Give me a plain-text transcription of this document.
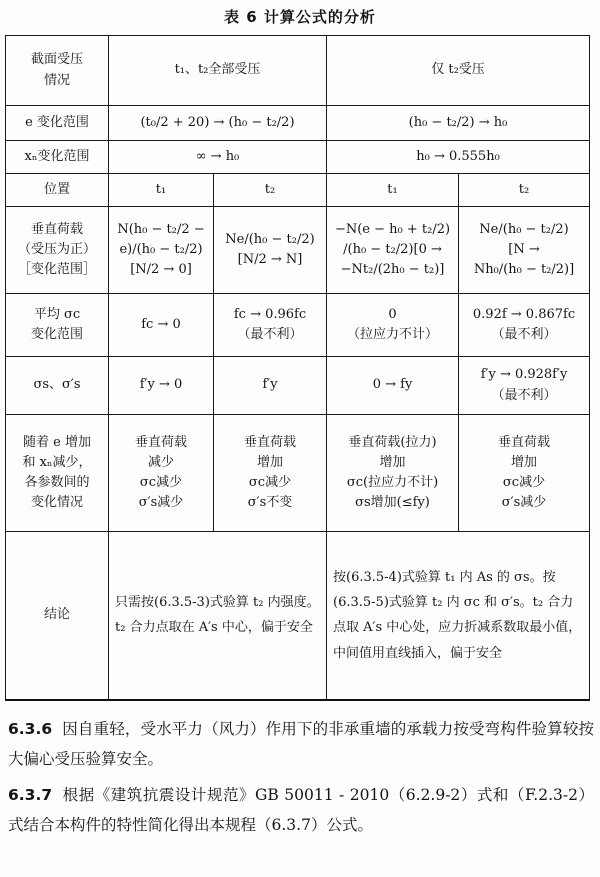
表 6 计算公式的分析
截面受压
情况	t₁、t₂全部受压		仅 t₂受压	
e 变化范围	(t₀/2 + 20) → (h₀ − t₂/2)		(h₀ − t₂/2) → h₀	
xₙ变化范围	∞ → h₀		h₀ → 0.555h₀	
位置	t₁	t₂	t₁	t₂

垂直荷载
（受压为正）
［变化范围］	N(h₀ − t₂/2 −
e)/(h₀ − t₂/2)
[N/2 → 0]	Ne/(h₀ − t₂/2)
[N/2 → N]	−N(e − h₀ + t₂/2)
/(h₀ − t₂/2)[0 →
−Nt₂/(2h₀ − t₂)]	Ne/(h₀ − t₂/2)
[N →
Nh₀/(h₀ − t₂/2)]

平均 σc
变化范围	fc → 0	fc → 0.96fc
（最不利）	0
（拉应力不计）	0.92f → 0.867fc
（最不利）

σs、σ′s	f′y → 0	f′y	0 → fy	f′y → 0.928f′y
（最不利）

随着 e 增加
和 xₙ减少，
各参数间的
变化情况	垂直荷载
减少
σc减少
σ′s减少	垂直荷载
增加
σc减少
σ′s不变	垂直荷载(拉力)
增加
σc(拉应力不计)
σs增加(≤fy)	垂直荷载
增加
σc减少
σ′s减少

结论	只需按(6.3.5-3)式验算 t₂ 内强度。t₂ 合力点取在 A′s 中心，偏于安全		按(6.3.5-4)式验算 t₁ 内 As 的 σs。按(6.3.5-5)式验算 t₂ 内 σc 和 σ′s。t₂ 合力点取 A′s 中心处，应力折减系数取最小值，中间值用直线插入，偏于安全	
6.3.6 因自重轻，受水平力（风力）作用下的非承重墙的承载力按受弯构件验算较按大偏心受压验算安全。
6.3.7 根据《建筑抗震设计规范》GB 50011 - 2010（6.2.9-2）式和（F.2.3-2）式结合本构件的特性简化得出本规程（6.3.7）公式。
